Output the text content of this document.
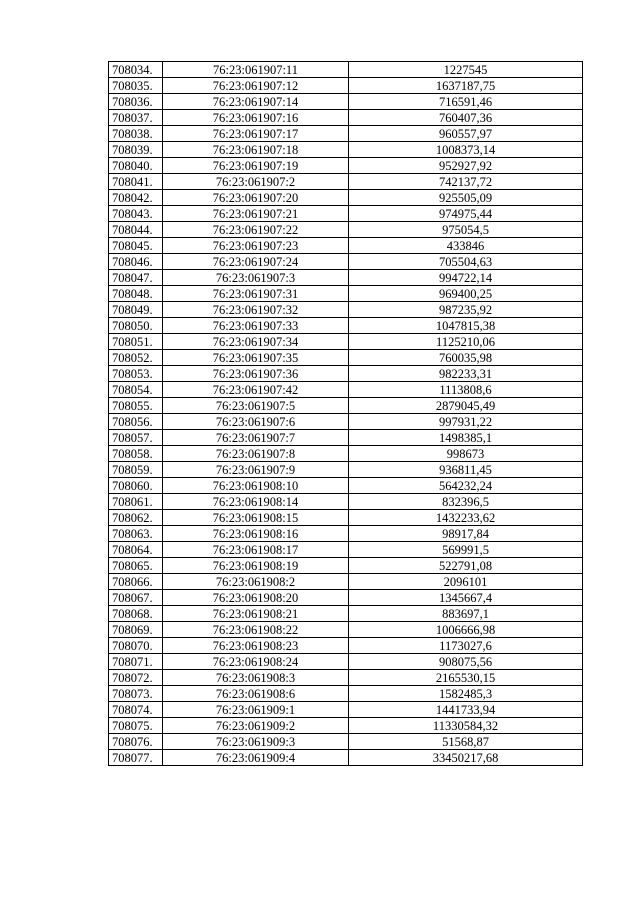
708034.	76:23:061907:11	1227545
708035.	76:23:061907:12	1637187,75
708036.	76:23:061907:14	716591,46
708037.	76:23:061907:16	760407,36
708038.	76:23:061907:17	960557,97
708039.	76:23:061907:18	1008373,14
708040.	76:23:061907:19	952927,92
708041.	76:23:061907:2	742137,72
708042.	76:23:061907:20	925505,09
708043.	76:23:061907:21	974975,44
708044.	76:23:061907:22	975054,5
708045.	76:23:061907:23	433846
708046.	76:23:061907:24	705504,63
708047.	76:23:061907:3	994722,14
708048.	76:23:061907:31	969400,25
708049.	76:23:061907:32	987235,92
708050.	76:23:061907:33	1047815,38
708051.	76:23:061907:34	1125210,06
708052.	76:23:061907:35	760035,98
708053.	76:23:061907:36	982233,31
708054.	76:23:061907:42	1113808,6
708055.	76:23:061907:5	2879045,49
708056.	76:23:061907:6	997931,22
708057.	76:23:061907:7	1498385,1
708058.	76:23:061907:8	998673
708059.	76:23:061907:9	936811,45
708060.	76:23:061908:10	564232,24
708061.	76:23:061908:14	832396,5
708062.	76:23:061908:15	1432233,62
708063.	76:23:061908:16	98917,84
708064.	76:23:061908:17	569991,5
708065.	76:23:061908:19	522791,08
708066.	76:23:061908:2	2096101
708067.	76:23:061908:20	1345667,4
708068.	76:23:061908:21	883697,1
708069.	76:23:061908:22	1006666,98
708070.	76:23:061908:23	1173027,6
708071.	76:23:061908:24	908075,56
708072.	76:23:061908:3	2165530,15
708073.	76:23:061908:6	1582485,3
708074.	76:23:061909:1	1441733,94
708075.	76:23:061909:2	11330584,32
708076.	76:23:061909:3	51568,87
708077.	76:23:061909:4	33450217,68
